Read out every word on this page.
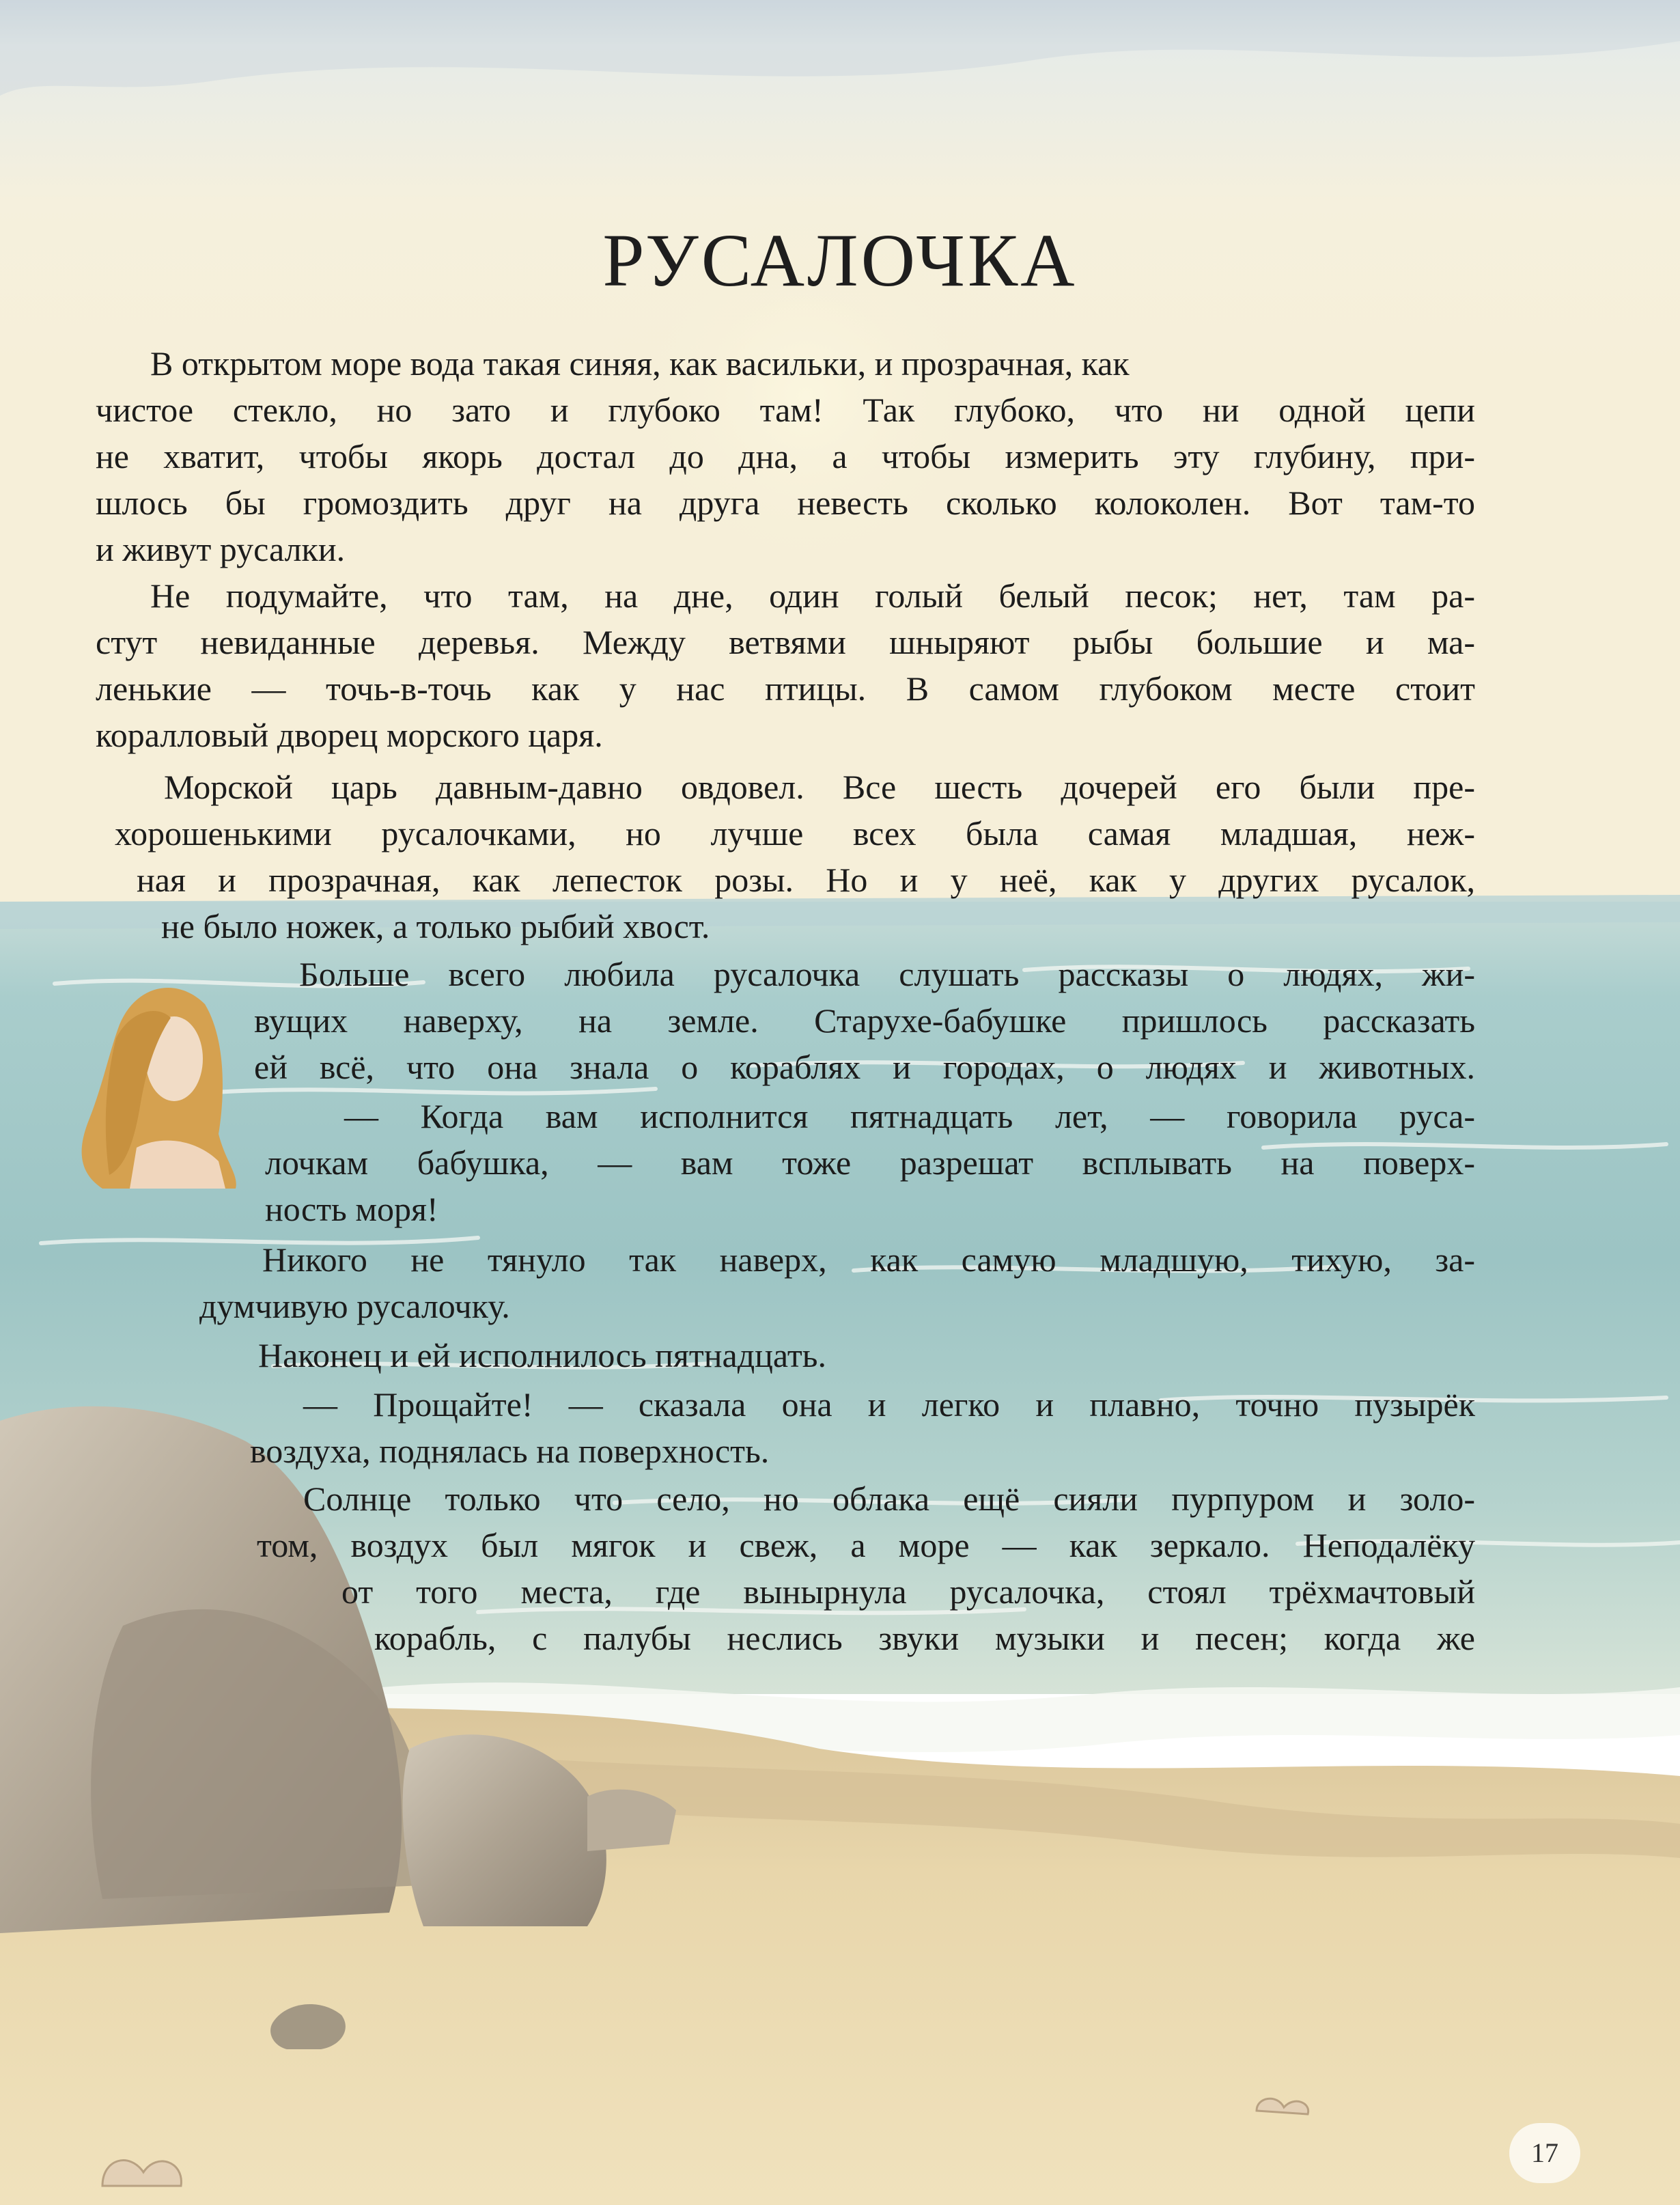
РУСАЛОЧКА
В открытом море вода такая синяя, как васильки, и прозрачная, как
чистое стекло, но зато и глубоко там! Так глубоко, что ни одной цепи
не хватит, чтобы якорь достал до дна, а чтобы измерить эту глубину, при-
шлось бы громоздить друг на друга невесть сколько колоколен. Вот там-то
и живут русалки.
Не подумайте, что там, на дне, один голый белый песок; нет, там ра-
стут невиданные деревья. Между ветвями шныряют рыбы большие и ма-
ленькие — точь-в-точь как у нас птицы. В самом глубоком месте стоит
коралловый дворец морского царя.
Морской царь давным-давно овдовел. Все шесть дочерей его были пре-
хорошенькими русалочками, но лучше всех была самая младшая, неж-
ная и прозрачная, как лепесток розы. Но и у неё, как у других русалок,
не было ножек, а только рыбий хвост.
Больше всего любила русалочка слушать рассказы о людях, жи-
вущих наверху, на земле. Старухе-бабушке пришлось рассказать
ей всё, что она знала о кораблях и городах, о людях и животных.
— Когда вам исполнится пятнадцать лет, — говорила руса-
лочкам бабушка, — вам тоже разрешат всплывать на поверх-
ность моря!
Никого не тянуло так наверх, как самую младшую, тихую, за-
думчивую русалочку.
Наконец и ей исполнилось пятнадцать.
— Прощайте! — сказала она и легко и плавно, точно пузырёк
воздуха, поднялась на поверхность.
Солнце только что село, но облака ещё сияли пурпуром и золо-
том, воздух был мягок и свеж, а море — как зеркало. Неподалёку
от того места, где вынырнула русалочка, стоял трёхмачтовый
корабль, с палубы неслись звуки музыки и песен; когда же
17
